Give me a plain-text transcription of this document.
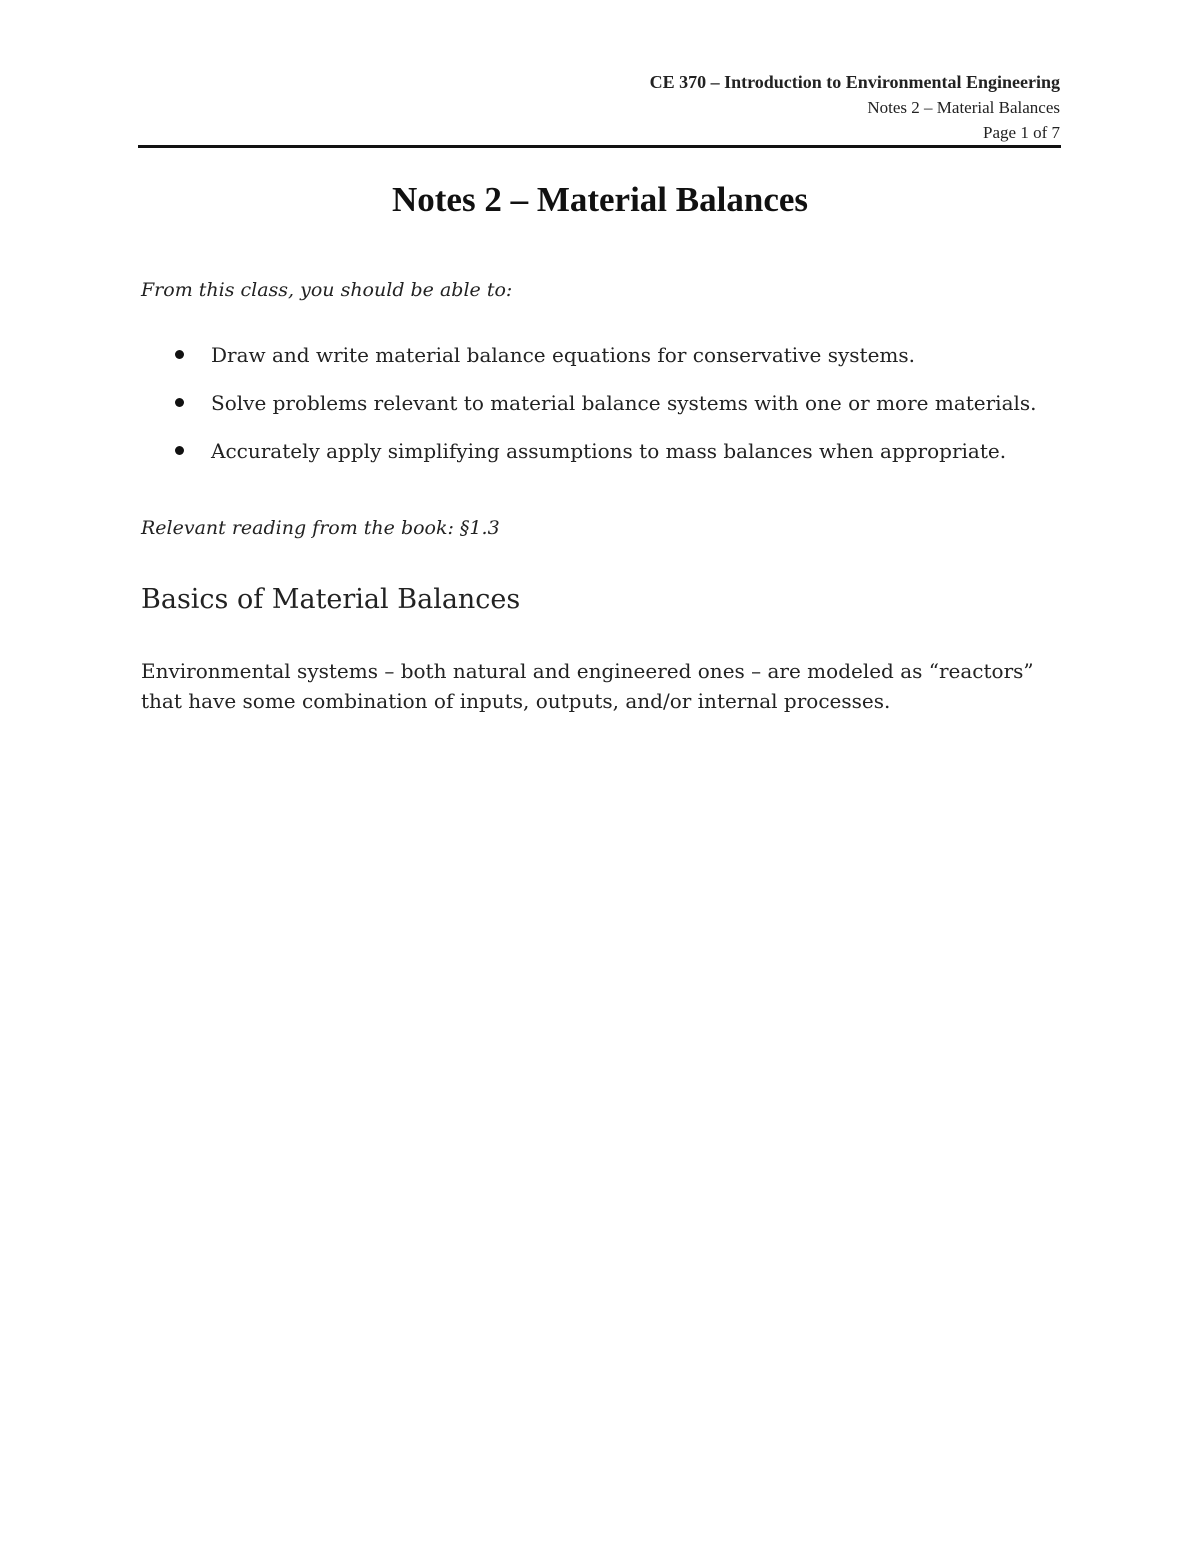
CE 370 – Introduction to Environmental Engineering
Notes 2 – Material Balances
Page 1 of 7
Notes 2 – Material Balances
From this class, you should be able to:
Draw and write material balance equations for conservative systems.
Solve problems relevant to material balance systems with one or more materials.
Accurately apply simplifying assumptions to mass balances when appropriate.
Relevant reading from the book: §1.3
Basics of Material Balances

Environmental systems – both natural and engineered ones – are modeled as “reactors”
that have some combination of inputs, outputs, and/or internal processes.
